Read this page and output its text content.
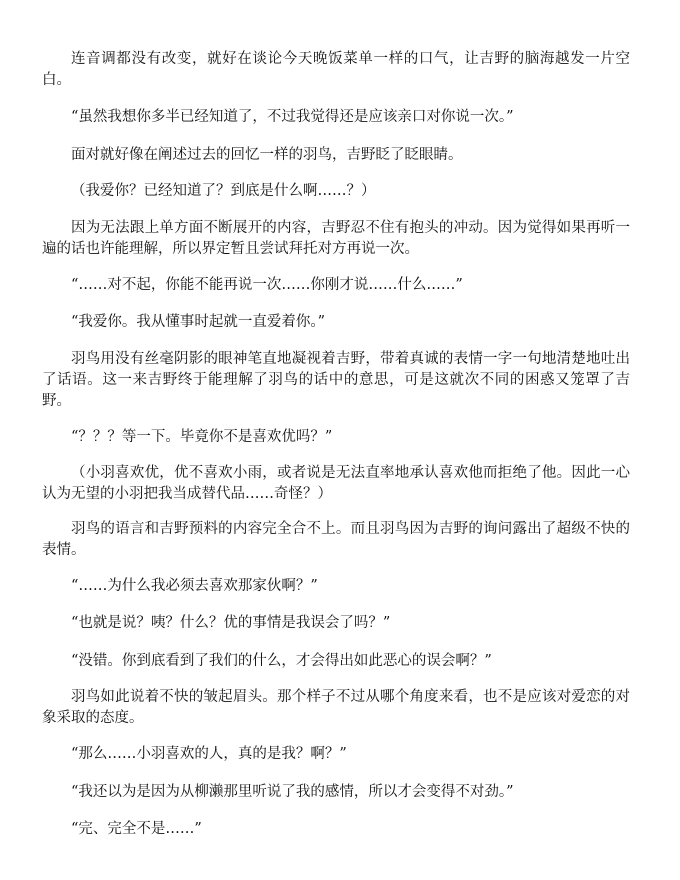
连音调都没有改变，就好在谈论今天晚饭菜单一样的口气，让吉野的脑海越发一片空白。

“虽然我想你多半已经知道了，不过我觉得还是应该亲口对你说一次。”

面对就好像在阐述过去的回忆一样的羽鸟，吉野眨了眨眼睛。

（我爱你？已经知道了？到底是什么啊……？）

因为无法跟上单方面不断展开的内容，吉野忍不住有抱头的冲动。因为觉得如果再听一遍的话也许能理解，所以界定暂且尝试拜托对方再说一次。

“……对不起，你能不能再说一次……你刚才说……什么……”

“我爱你。我从懂事时起就一直爱着你。”

羽鸟用没有丝毫阴影的眼神笔直地凝视着吉野，带着真诚的表情一字一句地清楚地吐出了话语。这一来吉野终于能理解了羽鸟的话中的意思，可是这就次不同的困惑又笼罩了吉野。

“？？？等一下。毕竟你不是喜欢优吗？”

（小羽喜欢优，优不喜欢小雨，或者说是无法直率地承认喜欢他而拒绝了他。因此一心认为无望的小羽把我当成替代品……奇怪？）

羽鸟的语言和吉野预料的内容完全合不上。而且羽鸟因为吉野的询问露出了超级不快的表情。

“……为什么我必须去喜欢那家伙啊？”

“也就是说？咦？什么？优的事情是我误会了吗？”

“没错。你到底看到了我们的什么，才会得出如此恶心的误会啊？”

羽鸟如此说着不快的皱起眉头。那个样子不过从哪个角度来看，也不是应该对爱恋的对象采取的态度。

“那么……小羽喜欢的人，真的是我？啊？”

“我还以为是因为从柳濑那里听说了我的感情，所以才会变得不对劲。”

“完、完全不是……”
